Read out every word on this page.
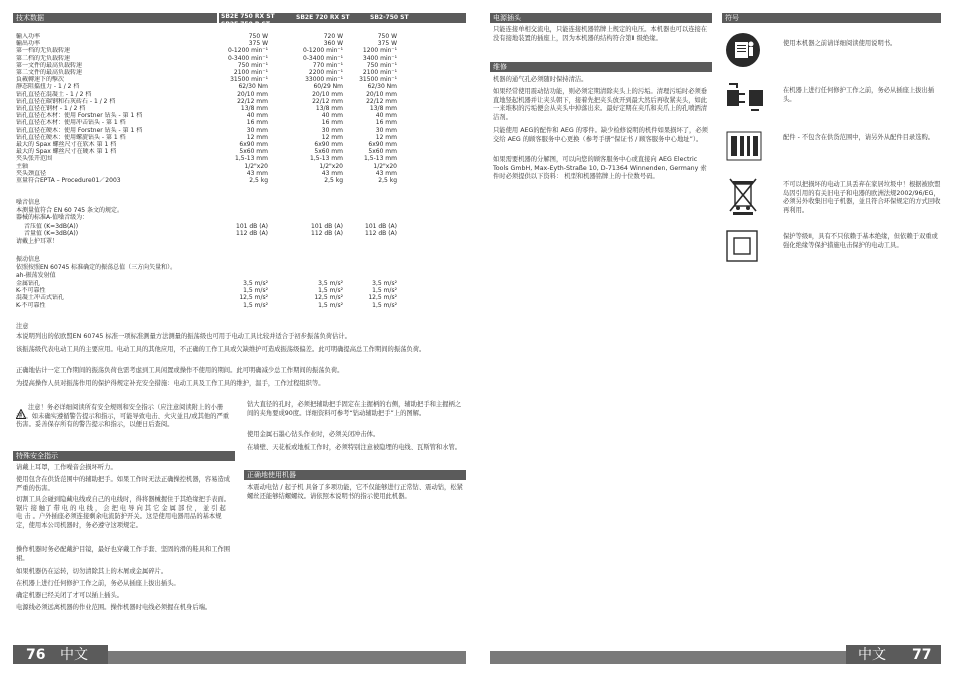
技术数据	SB2E 750 RX ST
SB2E 750 R ST
SB2E 720 RX ST	SB2-750 ST
輸入功率	750 W	720 W	750 W
輸出功率	375 W	360 W	375 W
第一档的无负载转速	0-1200 min⁻¹	0-1200 min⁻¹	1200 min⁻¹
第二档的无负载转速	0-3400 min⁻¹	0-3400 min⁻¹	3400 min⁻¹
第一文件的最高负载转速	750 min⁻¹	770 min⁻¹	750 min⁻¹
第二文件的最高负载转速	2100 min⁻¹	2200 min⁻¹	2100 min⁻¹
負載轉速下的擊次	31500 min⁻¹	33000 min⁻¹	31500 min⁻¹
靜态阻擋扭力 - 1 / 2 档	62/30 Nm	60/29 Nm	62/30 Nm
钻孔直径在混凝土 - 1 / 2 档	20/10 mm	20/10 mm	20/10 mm
钻孔直径在碳钢和石灰砖石 - 1 / 2 档	22/12 mm	22/12 mm	22/12 mm
钻孔直径在钢材 - 1 / 2 档	13/8 mm	13/8 mm	13/8 mm
钻孔直径在木材：使用 Forstner 钻头 - 第 1 档	40 mm	40 mm	40 mm
钻孔直径在木材：使用冲击钻头 - 第 1 档	16 mm	16 mm	16 mm
钻孔直径在硬木：使用 Forstner 钻头 - 第 1 档	30 mm	30 mm	30 mm
钻孔直径在硬木：使用螺旋钻头 - 第 1 档	12 mm	12 mm	12 mm
最大的 Spax 螺丝尺寸在软木 第 1 档	6x90 mm	6x90 mm	6x90 mm
最大的 Spax 螺丝尺寸在硬木 第 1 档	5x60 mm	5x60 mm	5x60 mm
夹头张开范围	1,5-13 mm	1,5-13 mm	1,5-13 mm
主轴	1/2"x20	1/2"x20	1/2"x20
夹头颈直径	43 mm	43 mm	43 mm
重量符合EPTA – Procedure01／2003	2,5 kg	2,5 kg	2,5 kg
噪音信息
本测量值符合 EN 60 745 条文的规定。
器械的标准A-值噪音级为：
音压值 (K=3dB(A))	101 dB (A)	101 dB (A)	101 dB (A)
音量值 (K=3dB(A))	112 dB (A)	112 dB (A)	112 dB (A)
请戴上护耳罩！
振动信息
依照按照EN 60745 标准确定的振荡总值（三方向矢量和）。
ah-振荡发射值
金属钻孔	3,5 m/s²	3,5 m/s²	3,5 m/s²
K-不可靠性	1,5 m/s²	1,5 m/s²	1,5 m/s²
混凝土冲击式钻孔	12,5 m/s²	12,5 m/s²	12,5 m/s²
K-不可靠性	1,5 m/s²	1,5 m/s²	1,5 m/s²
注意
本说明列出的依欧盟EN 60745 标准一项标准测量方法测量的振荡级也可用于电动工具比较并适合于初步振荡负荷估计。
该振荡级代表电动工具的主要应用。电动工具的其他应用，不正确的工作工具或欠缺维护可造成振荡级偏差。此可明确提高总工作期间的振荡负荷。
正确地估计一定工作期间的振荡负荷也需考虑到工具闲置或操作不使用的期间。此可明确减少总工作期间的振荡负荷。
为提高操作人员对振荡作用的保护得规定补充安全措施：电动工具及工作工具的维护，温手，工作过程组织等。
注意！务必详细阅读所有安全规则和安全指示（应注意阅读附上的小册子）。如未确实遵循警告提示和指示，可能导致电击、火灾並且/或其他的严重伤害。妥善保存所有的警告提示和指示，以便日后查阅。
特殊安全指示
请戴上耳罩，工作噪音会损坏听力。
使用包含在供货范围中的辅助把手。如果工作时无法正确操控机器，容易造成严重的伤害。
切割工具会碰到隐藏电线或自己的电线时，得将器械握住于其绝缘把手表面。 锯片 接 触了 带 电 的 电 线 ， 会 把 电 导 向 其 它 金 属 部 位 ， 並 引 起 电 击 。户外插座必须连接剩余电流防护开关。这是使用电器用品的基本规定，使用本公司机器时，务必遵守这项规定。
操作机器时务必配戴护目镜，最好也穿戴工作手套、坚固的滑的鞋具和工作围裙。
如果机器仍在运转，切勿清除其上的木屑或金属碎片。
在机器上进行任何修护工作之前，务必从插座上拔出插头。
确定机器已经关闭了才可以插上插头。
电源线必须远离机器的作业范围。操作机器时电线必须握在机身后端。
钻大直径的孔时，必须把辅助把手固定在主握柄的右侧，辅助把手和主握柄之间的夹角要成90度。详细资料可参考“钻动辅助把手”上的图解。
使用金属石墨心钻头作业时，必须关闭冲击体。
在墙壁、天花板或地板工作时，必须特别注意被隐埋的电线、瓦斯管和水管。
正确地使用机器
本震动电钻 / 起子机 具备了多项功能，它不仅能够进行正常钻、震动钻，松紧螺丝还能够结螺螺纹。请依照本说明书的指示使用此机器。
76 中文
电源插头
只能连接单相交流电，只能连接机器铭牌上规定的电压。本机器也可以连接在没有接地装置的插座上，因为本机器的结构符合第Ⅱ 级绝缘。
维修
机器的通气孔必须随时保持清洁。
如果经常使用震动钻功能，则必须定期清除夹头上的污垢。清理污垢时必须垂直地竖起机器并让夹头朝下，接着先把夹头放开到最大然后再收紧夹头，如此一来堆积的污垢便会从夹头中掉落出来。最好定期在夹爪和夹爪上的孔喷洒清洁剂。
只能使用 AEG的配件和 AEG 的零件。缺少检修说明的机件如果损坏了，必须交给 AEG 的顾客服务中心更换（参考手册“保证书 / 顾客服务中心地址”）。
如果需要机器的分解图，可以向您的顾客服务中心或直接向 AEG Electric Tools GmbH, Max-Eyth-Straße 10, D-71364 Winnenden, Germany 索件时必须提供以下资料： 机型和机器铭牌上的十位数号码。
符号
使用本机器之前请详细阅读使用说明书。
在机器上进行任何修护工作之前，务必从插座上拔出插头。
配件 - 不包含在供货范围中，请另外从配件目录选购。
不可以把损坏的电动工具丢弃在家居垃圾中！根据被欧盟岛因引用的有关旧电子和电器的欧洲法规2002/96/EG，必须另外收集旧电子机器，並且符合环保规定的方式回收再利用。
保护等级II，具有不只依赖于基本绝缘，但依赖于双重或强化绝缘等保护措施电击保护的电动工具。
中文 77
